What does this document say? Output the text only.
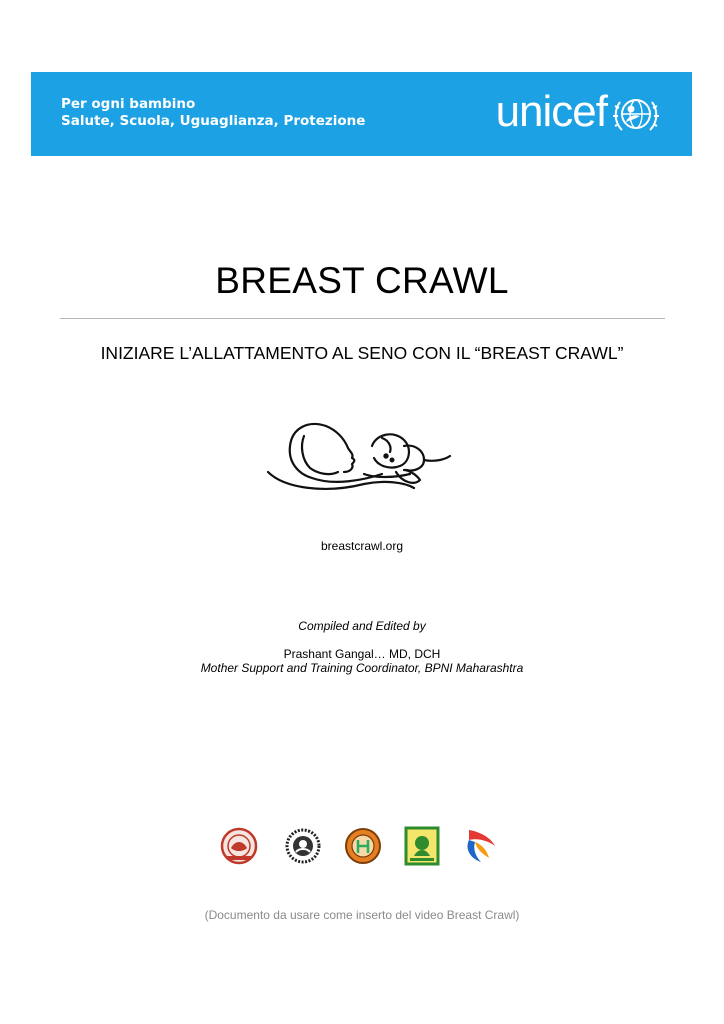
Per ogni bambino
Salute, Scuola, Uguaglianza, Protezione	unicef
BREAST CRAWL
INIZIARE L’ALLATTAMENTO AL SENO CON IL “BREAST CRAWL”
breastcrawl.org
Compiled and Edited by
Prashant Gangal… MD, DCH
Mother Support and Training Coordinator, BPNI Maharashtra
(Documento da usare come inserto del video Breast Crawl)
